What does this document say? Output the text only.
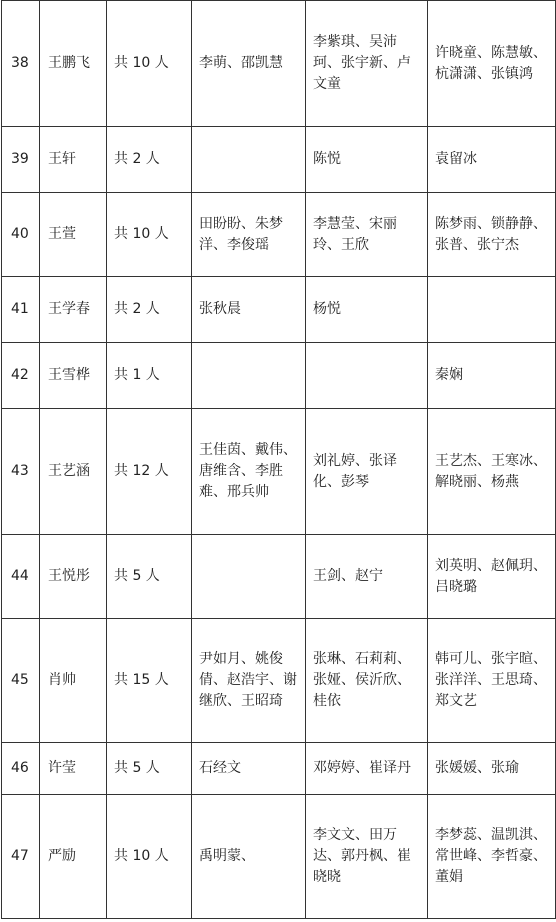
38	王鹏飞	共 10 人	李萌、邵凯慧	李紫琪、吴沛
珂、张宇新、卢
文童	许晓童、陈慧敏、
杭潇潇、张镇鸿

39	王轩	共 2 人		陈悦	袁留冰

40	王萱	共 10 人	田盼盼、朱梦
洋、李俊瑶	李慧莹、宋丽
玲、王欣	陈梦雨、锁静静、
张普、张宁杰

41	王学春	共 2 人	张秋晨	杨悦	

42	王雪桦	共 1 人			秦娴

43	王艺涵	共 12 人	王佳茵、戴伟、
唐维含、李胜
难、邢兵帅	刘礼婷、张译
化、彭琴	王艺杰、王寒冰、
解晓丽、杨燕

44	王悦彤	共 5 人		王剑、赵宁	刘英明、赵佩玥、
吕晓璐

45	肖帅	共 15 人	尹如月、姚俊
倩、赵浩宇、谢
继欣、王昭琦	张琳、石莉莉、
张娅、侯沂欣、
桂依	韩可儿、张宇暄、
张洋洋、王思琦、
郑文艺

46	许莹	共 5 人	石经文	邓婷婷、崔译丹	张媛媛、张瑜

47	严励	共 10 人	禹明蒙、	李文文、田万
达、郭丹枫、崔
晓晓	李梦蕊、温凯淇、
常世峰、李哲豪、
董娟
